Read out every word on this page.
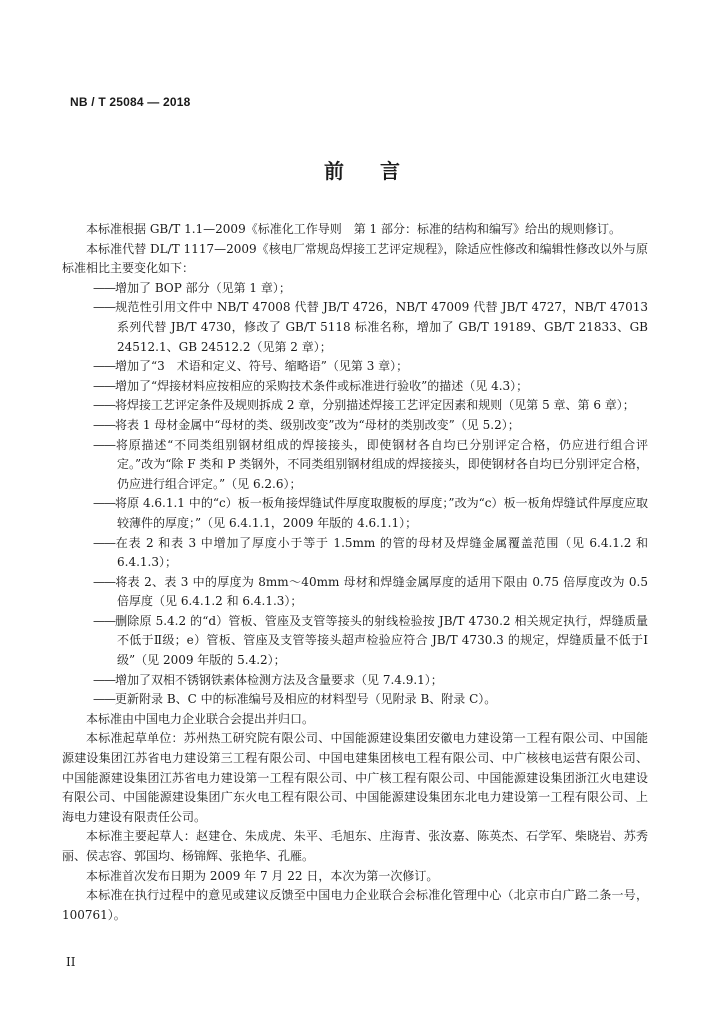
NB / T 25084 — 2018
前言

本标准根据 GB/T 1.1—2009《标准化工作导则　第 1 部分：标准的结构和编写》给出的规则修订。

本标准代替 DL/T 1117—2009《核电厂常规岛焊接工艺评定规程》，除适应性修改和编辑性修改以外与原标准相比主要变化如下：

——增加了 BOP 部分（见第 1 章）；

——规范性引用文件中 NB/T 47008 代替 JB/T 4726，NB/T 47009 代替 JB/T 4727，NB/T 47013 系列代替 JB/T 4730，修改了 GB/T 5118 标准名称，增加了 GB/T 19189、GB/T 21833、GB 24512.1、GB 24512.2（见第 2 章）；

——增加了“3　术语和定义、符号、缩略语”（见第 3 章）；

——增加了“焊接材料应按相应的采购技术条件或标准进行验收”的描述（见 4.3）；

——将焊接工艺评定条件及规则拆成 2 章，分别描述焊接工艺评定因素和规则（见第 5 章、第 6 章）；

——将表 1 母材金属中“母材的类、级别改变”改为“母材的类别改变”（见 5.2）；

——将原描述“不同类组别钢材组成的焊接接头，即使钢材各自均已分别评定合格，仍应进行组合评定。”改为“除 F 类和 P 类钢外，不同类组别钢材组成的焊接接头，即使钢材各自均已分别评定合格，仍应进行组合评定。”（见 6.2.6）；

——将原 4.6.1.1 中的“c）板一板角接焊缝试件厚度取腹板的厚度；”改为“c）板一板角焊缝试件厚度应取较薄件的厚度；”（见 6.4.1.1，2009 年版的 4.6.1.1）；

——在表 2 和表 3 中增加了厚度小于等于 1.5mm 的管的母材及焊缝金属覆盖范围（见 6.4.1.2 和 6.4.1.3）；

——将表 2、表 3 中的厚度为 8mm～40mm 母材和焊缝金属厚度的适用下限由 0.75 倍厚度改为 0.5 倍厚度（见 6.4.1.2 和 6.4.1.3）；

——删除原 5.4.2 的“d）管板、管座及支管等接头的射线检验按 JB/T 4730.2 相关规定执行，焊缝质量不低于Ⅱ级；e）管板、管座及支管等接头超声检验应符合 JB/T 4730.3 的规定，焊缝质量不低于Ⅰ级”（见 2009 年版的 5.4.2）；

——增加了双相不锈钢铁素体检测方法及含量要求（见 7.4.9.1）；

——更新附录 B、C 中的标准编号及相应的材料型号（见附录 B、附录 C）。

本标准由中国电力企业联合会提出并归口。

本标准起草单位：苏州热工研究院有限公司、中国能源建设集团安徽电力建设第一工程有限公司、中国能源建设集团江苏省电力建设第三工程有限公司、中国电建集团核电工程有限公司、中广核核电运营有限公司、中国能源建设集团江苏省电力建设第一工程有限公司、中广核工程有限公司、中国能源建设集团浙江火电建设有限公司、中国能源建设集团广东火电工程有限公司、中国能源建设集团东北电力建设第一工程有限公司、上海电力建设有限责任公司。

本标准主要起草人：赵建仓、朱成虎、朱平、毛旭东、庄海青、张汝嘉、陈英杰、石学军、柴晓岩、苏秀丽、侯志容、郭国均、杨锦辉、张艳华、孔雁。

本标准首次发布日期为 2009 年 7 月 22 日，本次为第一次修订。

本标准在执行过程中的意见或建议反馈至中国电力企业联合会标准化管理中心（北京市白广路二条一号，100761）。

II
